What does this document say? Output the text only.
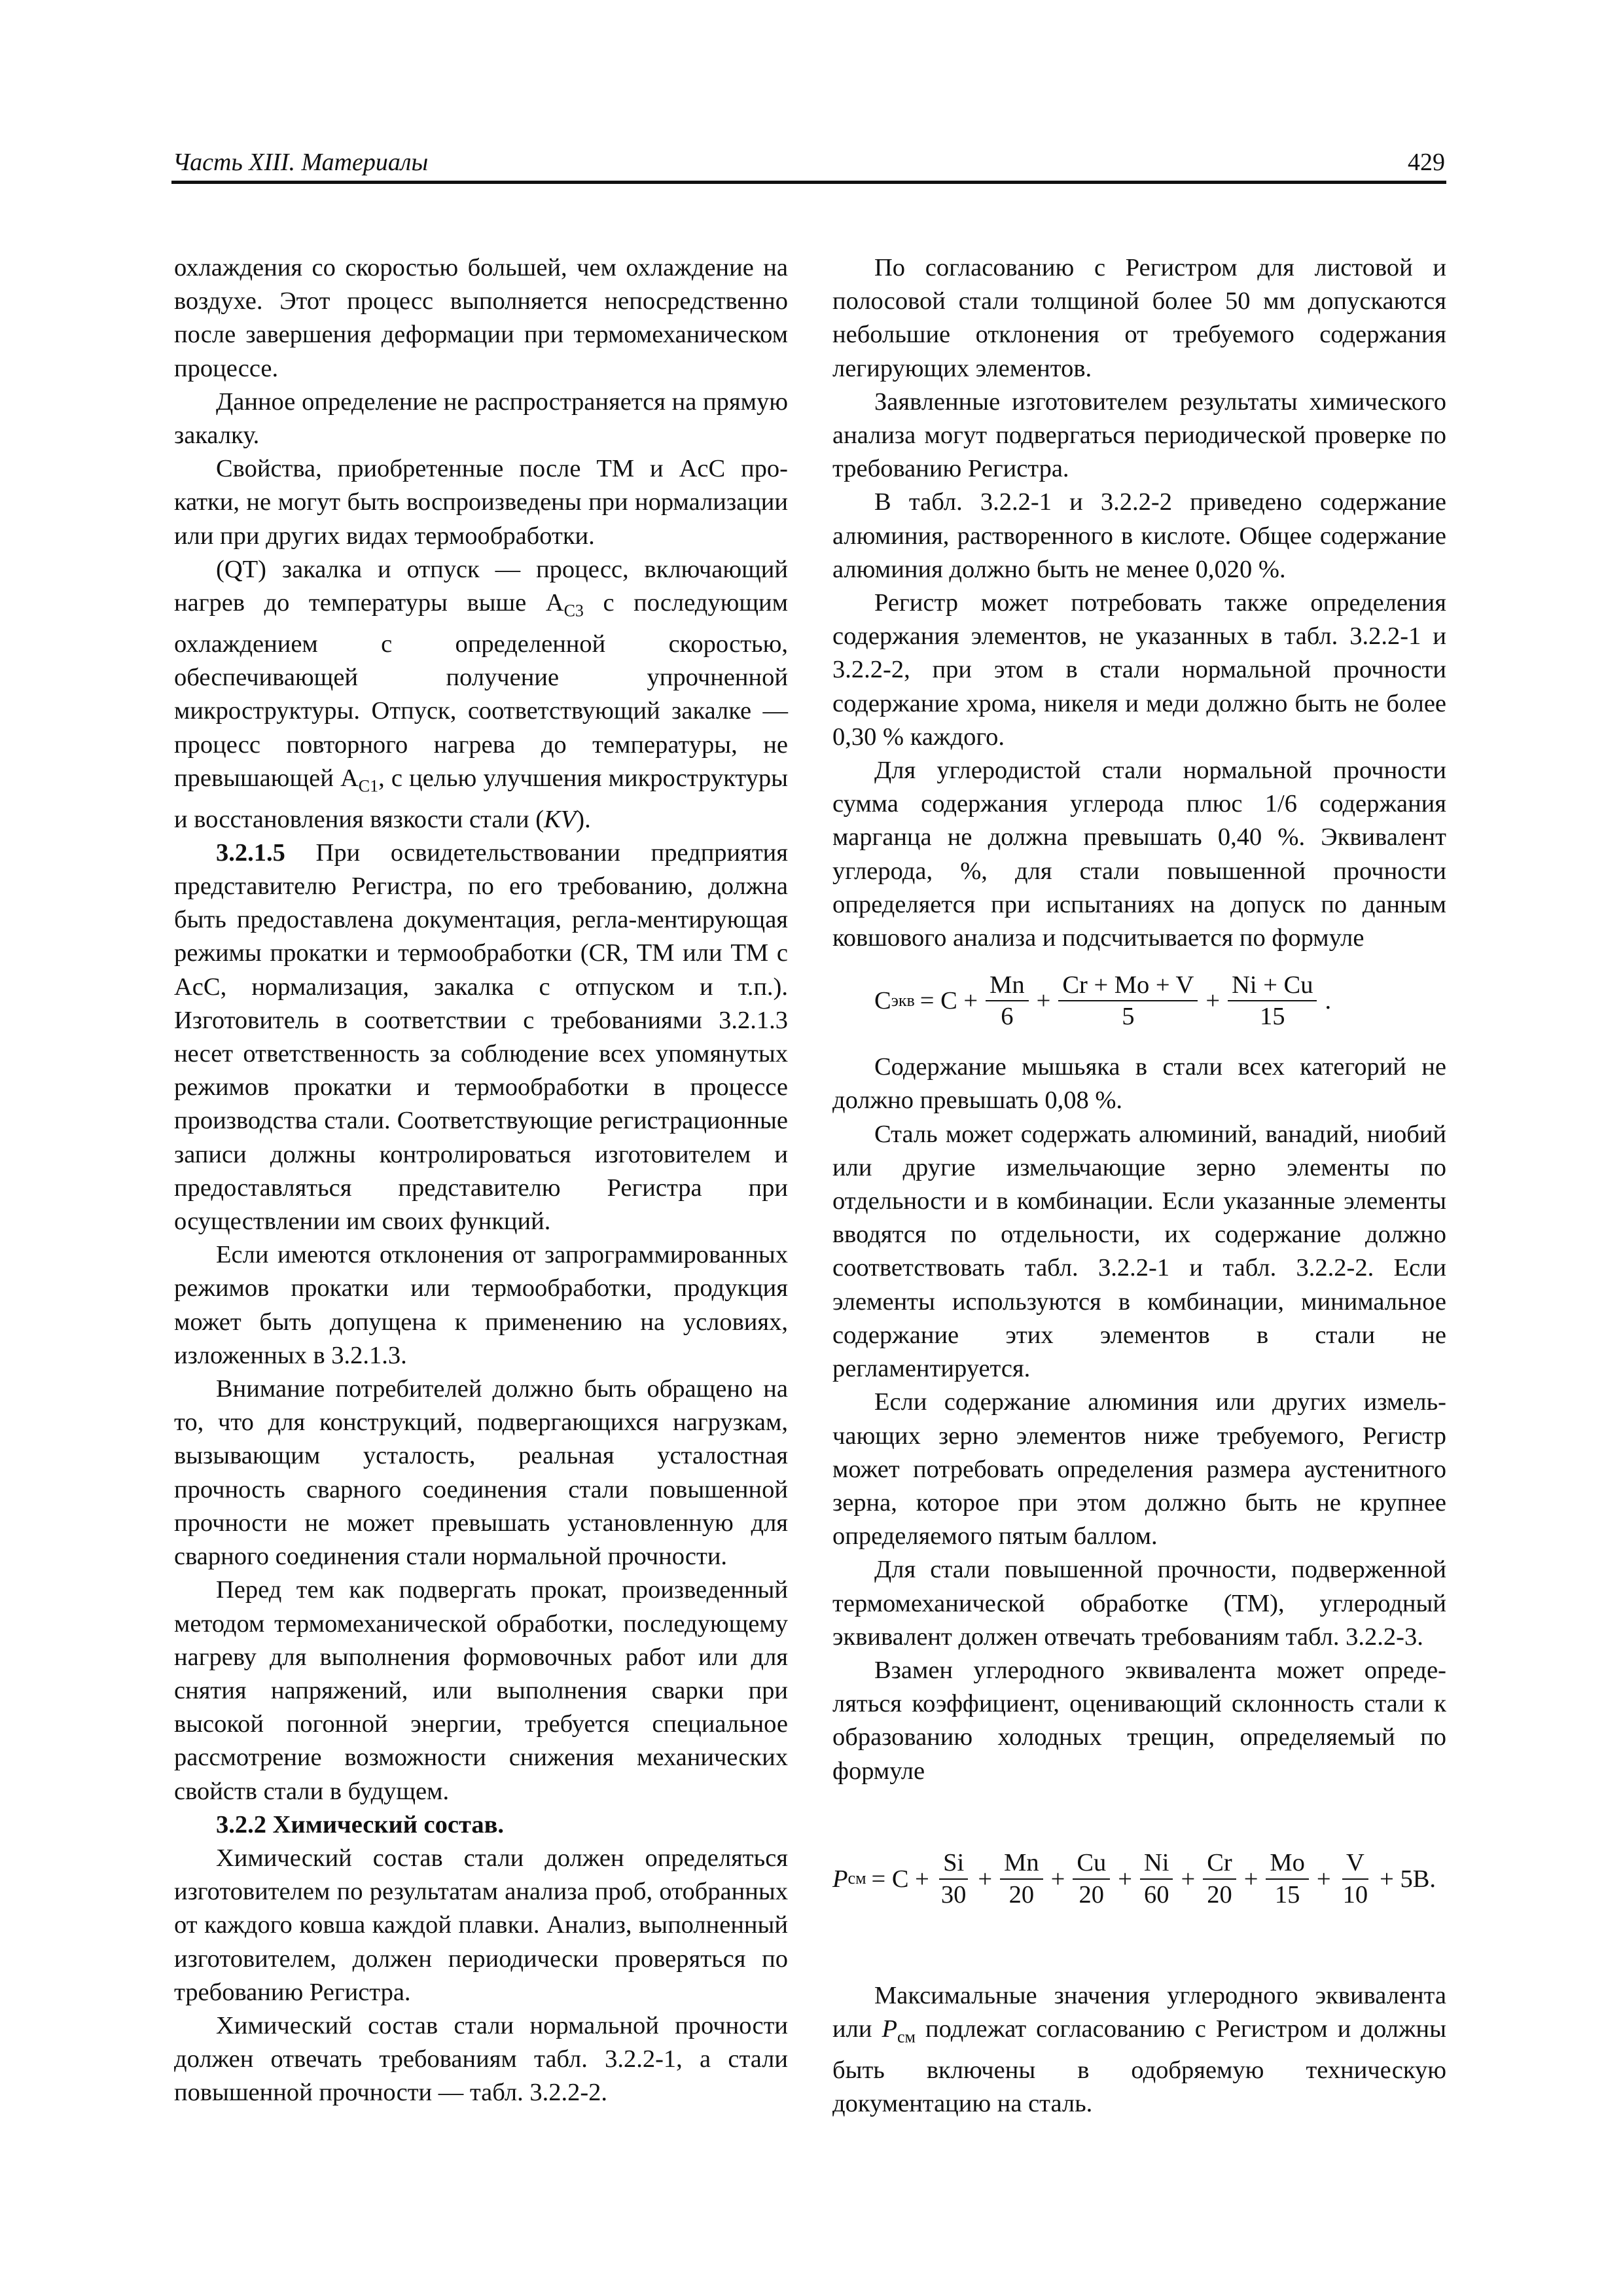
Часть XIII. Материалы	429

охлаждения со скоростью большей, чем охлаждение на воздухе. Этот процесс выполняется непосредственно после завершения деформации при термомеханическом процессе.

Данное определение не распространяется на прямую закалку.

Свойства, приобретенные после TM и AcC прокатки, не могут быть воспроизведены при нормализации или при других видах термообработки.

(QT) закалка и отпуск — процесс, включающий нагрев до температуры выше $A_{C3}$ с последующим охлаждением с определенной скоростью, обеспечивающей получение упрочненной микроструктуры. Отпуск, соответствующий закалке — процесс повторного нагрева до температуры, не превышающей $A_{C1}$, с целью улучшения микроструктуры и восстановления вязкости стали (KV).

3.2.1.5 При освидетельствовании предприятия представителю Регистра, по его требованию, должна быть предоставлена документация, регла-ментирующая режимы прокатки и термообработки (CR, TM или TM с AcC, нормализация, закалка с отпуском и т.п.). Изготовитель в соответствии с требованиями 3.2.1.3 несет ответственность за соблюдение всех упомянутых режимов прокатки и термообработки в процессе производства стали. Соответствующие регистрационные записи должны контролироваться изготовителем и предоставляться представителю Регистра при осуществлении им своих функций.

Если имеются отклонения от запрограммированных режимов прокатки или термообработки, продукция может быть допущена к применению на условиях, изложенных в 3.2.1.3.

Внимание потребителей должно быть обращено на то, что для конструкций, подвергающихся нагрузкам, вызывающим усталость, реальная усталостная прочность сварного соединения стали повышенной прочности не может превышать установленную для сварного соединения стали нормальной прочности.

Перед тем как подвергать прокат, произведенный методом термомеханической обработки, последующему нагреву для выполнения формовочных работ или для снятия напряжений, или выполнения сварки при высокой погонной энергии, требуется специальное рассмотрение возможности снижения механических свойств стали в будущем.

3.2.2 Химический состав.

Химический состав стали должен определяться изготовителем по результатам анализа проб, отобранных от каждого ковша каждой плавки. Анализ, выполненный изготовителем, должен периодически проверяться по требованию Регистра.

Химический состав стали нормальной прочности должен отвечать требованиям табл. 3.2.2-1, а стали повышенной прочности — табл. 3.2.2-2.

По согласованию с Регистром для листовой и полосовой стали толщиной более 50 мм допускаются небольшие отклонения от требуемого содержания легирующих элементов.

Заявленные изготовителем результаты химического анализа могут подвергаться периодической проверке по требованию Регистра.

В табл. 3.2.2-1 и 3.2.2-2 приведено содержание алюминия, растворенного в кислоте. Общее содержание алюминия должно быть не менее 0,020 %.

Регистр может потребовать также определения содержания элементов, не указанных в табл. 3.2.2-1 и 3.2.2-2, при этом в стали нормальной прочности содержание хрома, никеля и меди должно быть не более 0,30 % каждого.

Для углеродистой стали нормальной прочности сумма содержания углерода плюс 1/6 содержания марганца не должна превышать 0,40 %. Эквивалент углерода, %, для стали повышенной прочности определяется при испытаниях на допуск по данным ковшового анализа и подсчитывается по формуле

C экв = $C + \frac{Mn}{6} + \frac{Cr + Mo + V}{5} + \frac{Ni + Cu}{15}$ .

Содержание мышьяка в стали всех категорий не должно превышать 0,08 %.

Сталь может содержать алюминий, ванадий, ниобий или другие измельчающие зерно элементы по отдельности и в комбинации. Если указанные элементы вводятся по отдельности, их содержание должно соответствовать табл. 3.2.2-1 и табл. 3.2.2-2. Если элементы используются в комбинации, минимальное содержание этих элементов в стали не регламентируется.

Если содержание алюминия или других измельчающих зерно элементов ниже требуемого, Регистр может потребовать определения размера аустенитного зерна, которое при этом должно быть не крупнее определяемого пятым баллом.

Для стали повышенной прочности, подверженной термомеханической обработке (TM), углеродный эквивалент должен отвечать требованиям табл. 3.2.2-3.

Взамен углеродного эквивалента может определяться коэффициент, оценивающий склонность стали к образованию холодных трещин, определяемый по формуле

P см = $C + \frac{Si}{30} + \frac{Mn}{20} + \frac{Cu}{20} + \frac{Ni}{60} + \frac{Cr}{20} + \frac{Mo}{15} + \frac{V}{10} + 5B$.

Максимальные значения углеродного эквивалента или $P_{см}$ подлежат согласованию с Регистром и должны быть включены в одобряемую техническую документацию на сталь.
